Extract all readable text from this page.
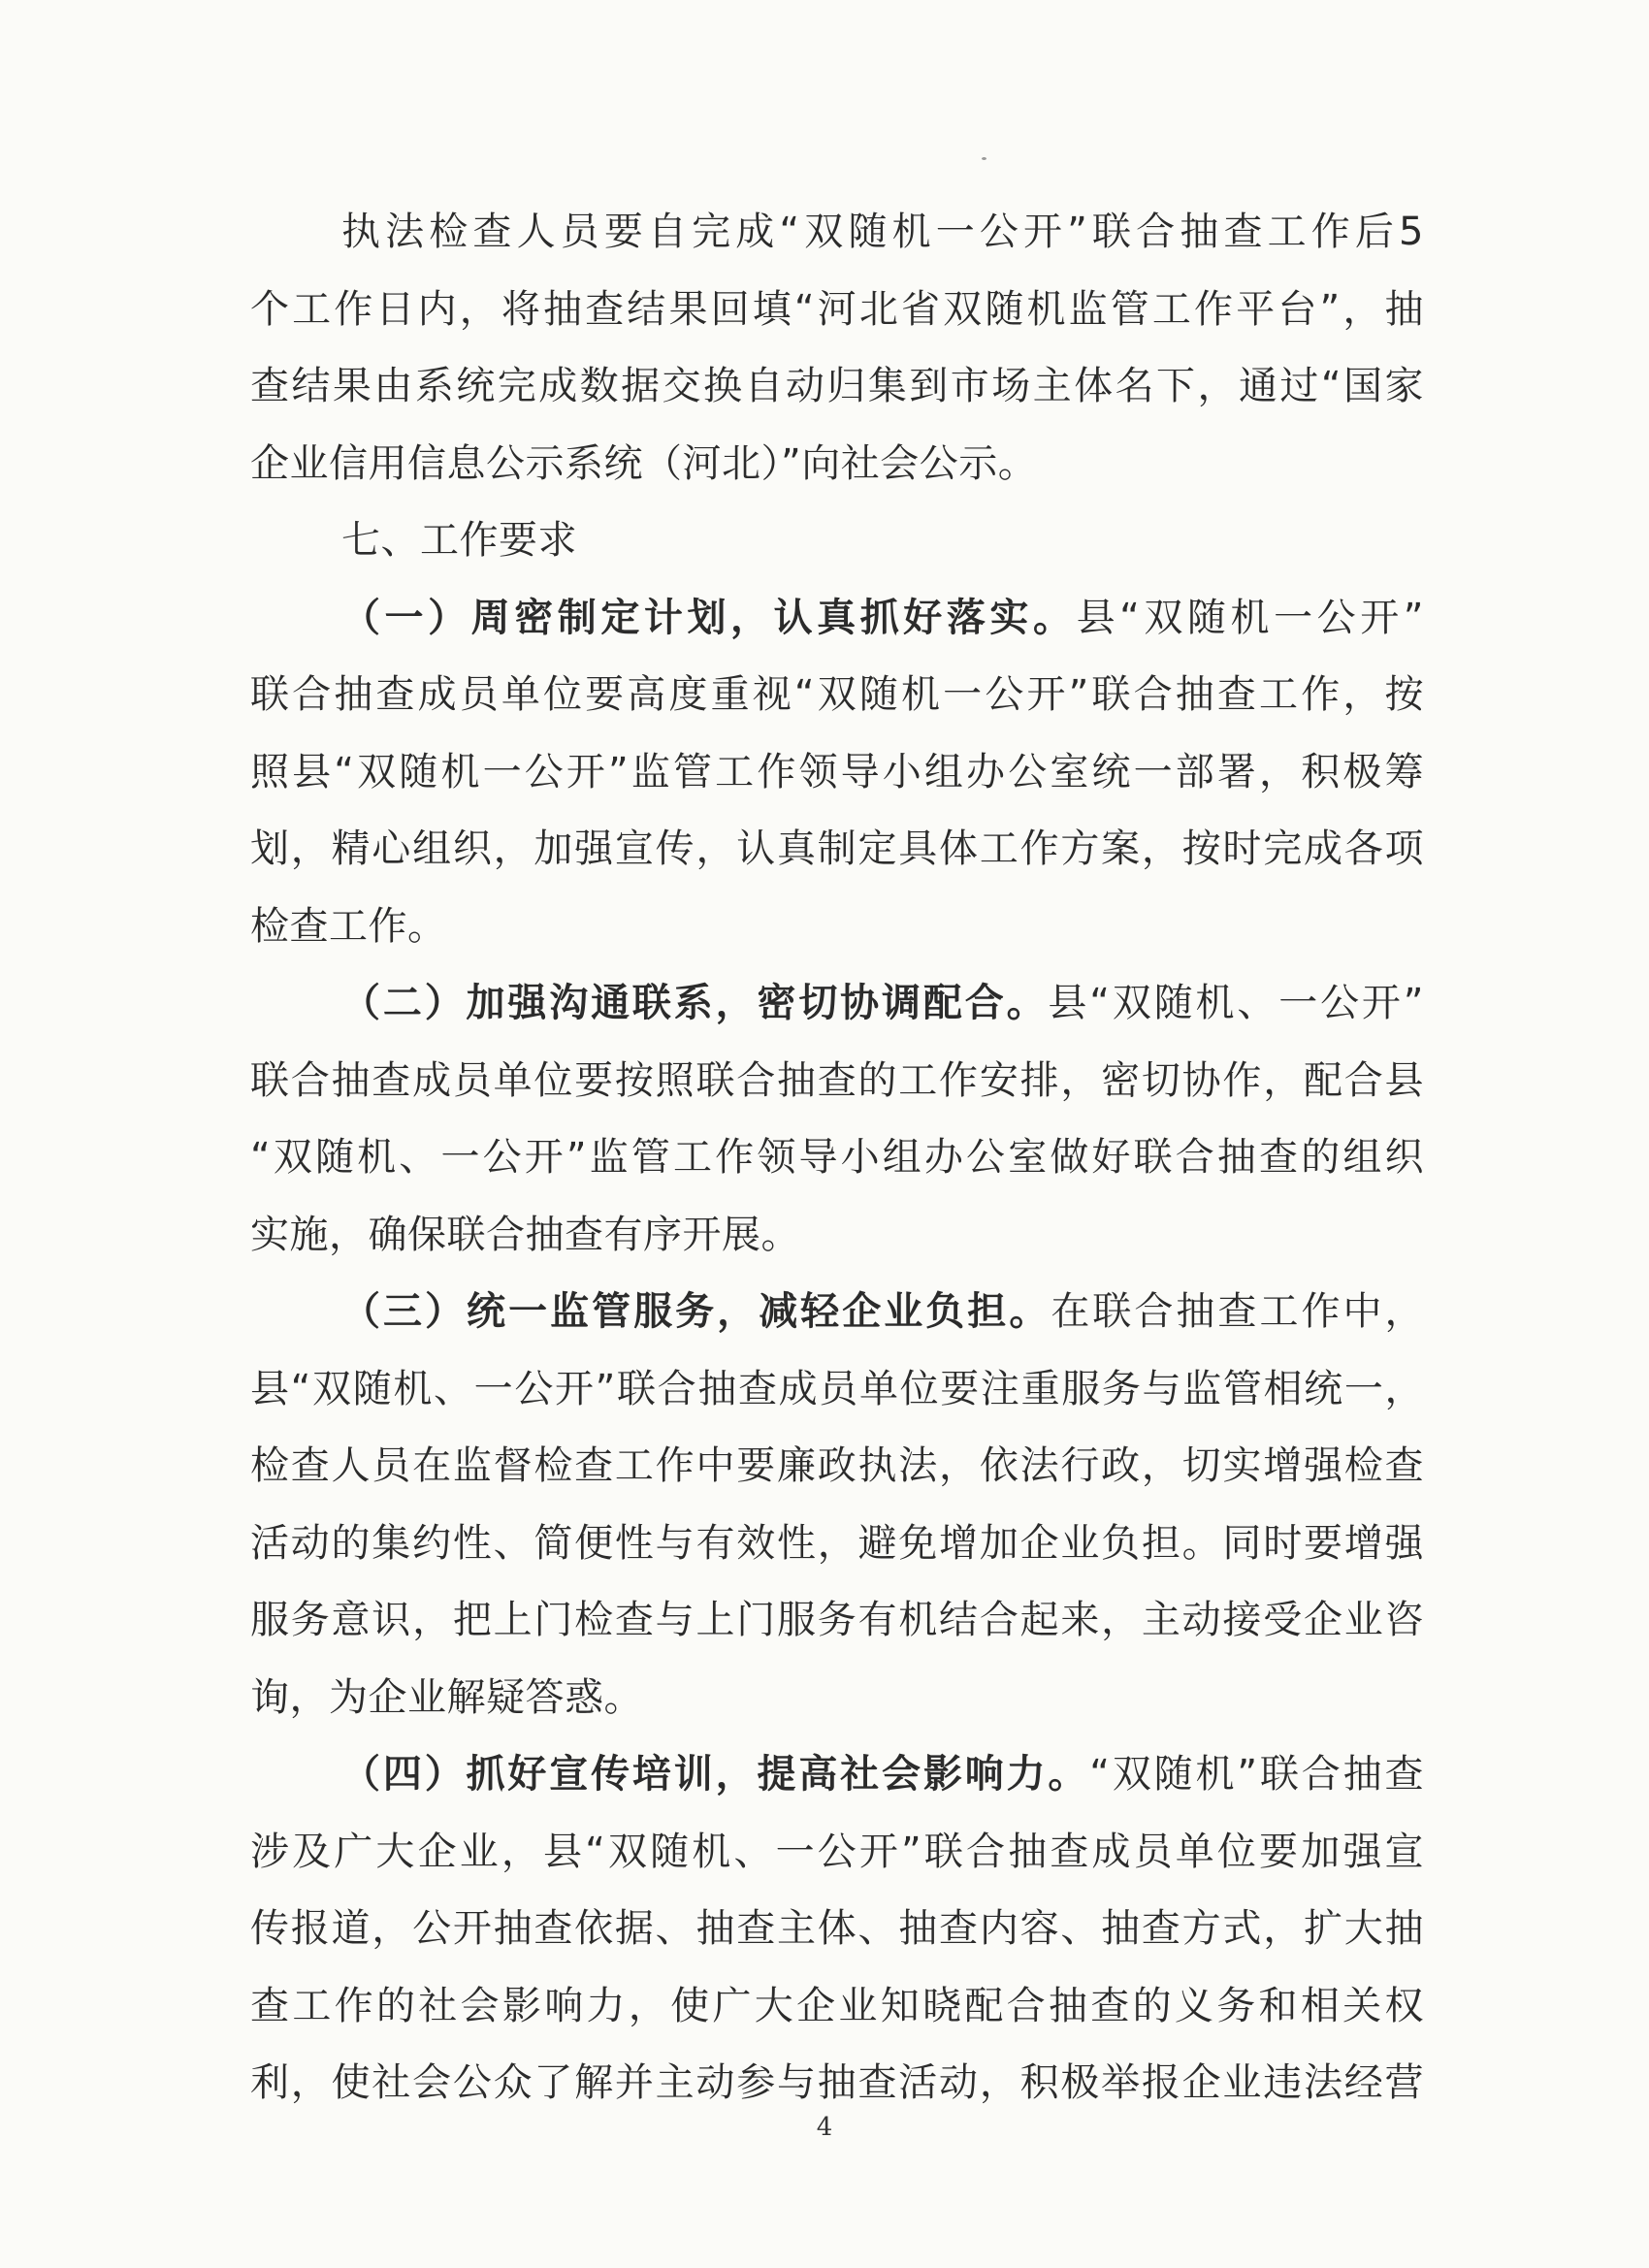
执法检查人员要自完成“双随机一公开”联合抽查工作后5
个工作日内，将抽查结果回填“河北省双随机监管工作平台”，抽
查结果由系统完成数据交换自动归集到市场主体名下，通过“国家
企业信用信息公示系统（河北）”向社会公示。
七、工作要求
（一）周密制定计划，认真抓好落实。县“双随机一公开”
联合抽查成员单位要高度重视“双随机一公开”联合抽查工作，按
照县“双随机一公开”监管工作领导小组办公室统一部署，积极筹
划，精心组织，加强宣传，认真制定具体工作方案，按时完成各项
检查工作。
（二）加强沟通联系，密切协调配合。县“双随机、一公开”
联合抽查成员单位要按照联合抽查的工作安排，密切协作，配合县
“双随机、一公开”监管工作领导小组办公室做好联合抽查的组织
实施，确保联合抽查有序开展。
（三）统一监管服务，减轻企业负担。在联合抽查工作中，
县“双随机、一公开”联合抽查成员单位要注重服务与监管相统一，
检查人员在监督检查工作中要廉政执法，依法行政，切实增强检查
活动的集约性、简便性与有效性，避免增加企业负担。同时要增强
服务意识，把上门检查与上门服务有机结合起来，主动接受企业咨
询，为企业解疑答惑。
（四）抓好宣传培训，提高社会影响力。“双随机”联合抽查
涉及广大企业，县“双随机、一公开”联合抽查成员单位要加强宣
传报道，公开抽查依据、抽查主体、抽查内容、抽查方式，扩大抽
查工作的社会影响力，使广大企业知晓配合抽查的义务和相关权
利，使社会公众了解并主动参与抽查活动，积极举报企业违法经营
4
